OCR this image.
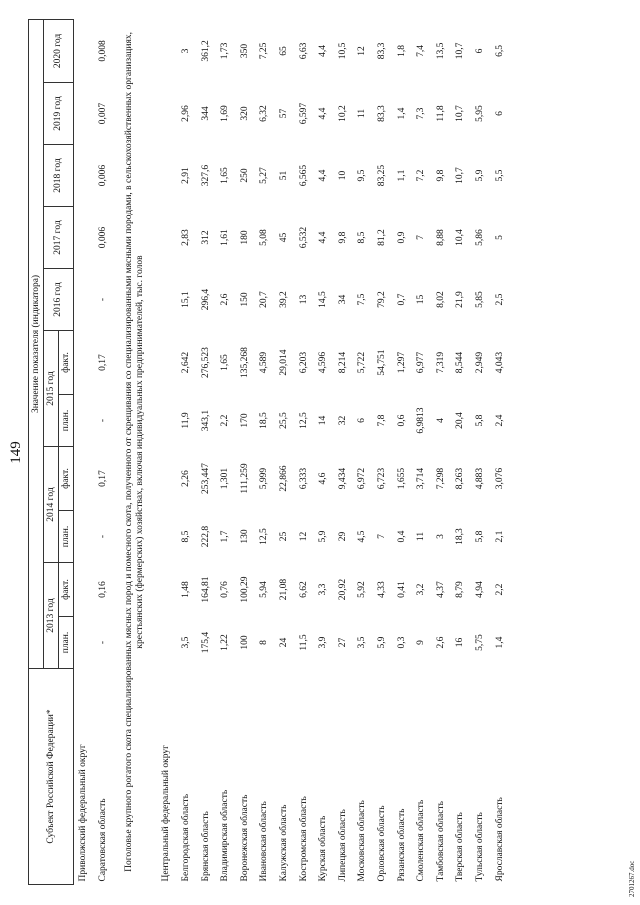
149
Субъект Российской Федерации*	Значение показателя (индикатора)										
	2013 год		2014 год		2015 год		2016 год	2017 год	2018 год	2019 год	2020 год
	план.	факт.	план.	факт.	план.	факт.					
Приволжский федеральный округ											
Саратовская область	-	0,16	-	0,17	-	0,17	-	0,006	0,006	0,007	0,008
Поголовье крупного рогатого скота специализированных мясных пород и помесного скота, полученного от скрещивания со специализированными мясными породами, в сельскохозяйственных организациях, крестьянских (фермерских) хозяйствах, включая индивидуальных предпринимателей, тыс. голов											
Центральный федеральный округ											
Белгородская область	3,5	1,48	8,5	2,26	11,9	2,642	15,1	2,83	2,91	2,96	3
Брянская область	175,4	164,81	222,8	253,447	343,1	276,523	296,4	312	327,6	344	361,2
Владимирская область	1,22	0,76	1,7	1,301	2,2	1,65	2,6	1,61	1,65	1,69	1,73
Воронежская область	100	100,29	130	111,259	170	135,268	150	180	250	320	350
Ивановская область	8	5,94	12,5	5,999	18,5	4,589	20,7	5,08	5,27	6,32	7,25
Калужская область	24	21,08	25	22,866	25,5	29,014	39,2	45	51	57	65
Костромская область	11,5	6,62	12	6,333	12,5	6,203	13	6,532	6,565	6,597	6,63
Курская область	3,9	3,3	5,9	4,6	14	4,596	14,5	4,4	4,4	4,4	4,4
Липецкая область	27	20,92	29	9,434	32	8,214	34	9,8	10	10,2	10,5
Московская область	3,5	5,92	4,5	6,972	6	5,722	7,5	8,5	9,5	11	12
Орловская область	5,9	4,33	7	6,723	7,8	54,751	79,2	81,2	83,25	83,3	83,3
Рязанская область	0,3	0,41	0,4	1,655	0,6	1,297	0,7	0,9	1,1	1,4	1,8
Смоленская область	9	3,2	11	3,714	6,9813	6,977	15	7	7,2	7,3	7,4
Тамбовская область	2,6	4,37	3	7,298	4	7,319	8,02	8,88	9,8	11,8	13,5
Тверская область	16	8,79	18,3	8,263	20,4	8,544	21,9	10,4	10,7	10,7	10,7
Тульская область	5,75	4,94	5,8	4,883	5,8	2,949	5,85	5,86	5,9	5,95	6
Ярославская область	1,4	2,2	2,1	3,076	2,4	4,043	2,5	5	5,5	6	6,5
2701267.doc
